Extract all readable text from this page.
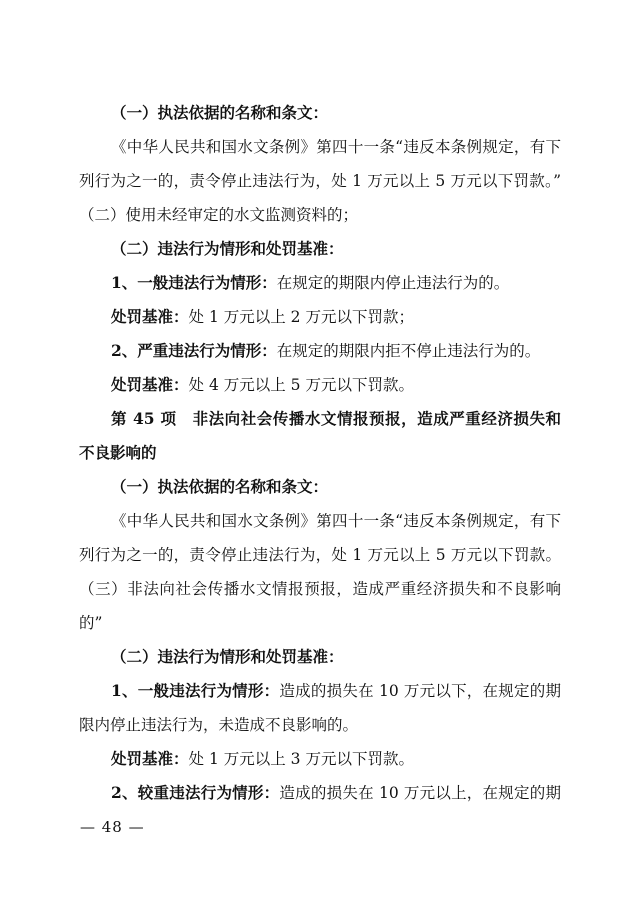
（一）执法依据的名称和条文：
《中华人民共和国水文条例》第四十一条“违反本条例规定，有下
列行为之一的，责令停止违法行为，处 1 万元以上 5 万元以下罚款。”
（二）使用未经审定的水文监测资料的；
（二）违法行为情形和处罚基准：
1、一般违法行为情形：在规定的期限内停止违法行为的。
处罚基准：处 1 万元以上 2 万元以下罚款；
2、严重违法行为情形：在规定的期限内拒不停止违法行为的。
处罚基准：处 4 万元以上 5 万元以下罚款。
第 45 项　非法向社会传播水文情报预报，造成严重经济损失和
不良影响的
（一）执法依据的名称和条文：
《中华人民共和国水文条例》第四十一条“违反本条例规定，有下
列行为之一的，责令停止违法行为，处 1 万元以上 5 万元以下罚款。
（三）非法向社会传播水文情报预报，造成严重经济损失和不良影响
的”
（二）违法行为情形和处罚基准：
1、一般违法行为情形：造成的损失在 10 万元以下，在规定的期
限内停止违法行为，未造成不良影响的。
处罚基准：处 1 万元以上 3 万元以下罚款。
2、较重违法行为情形：造成的损失在 10 万元以上，在规定的期
— 48 —
